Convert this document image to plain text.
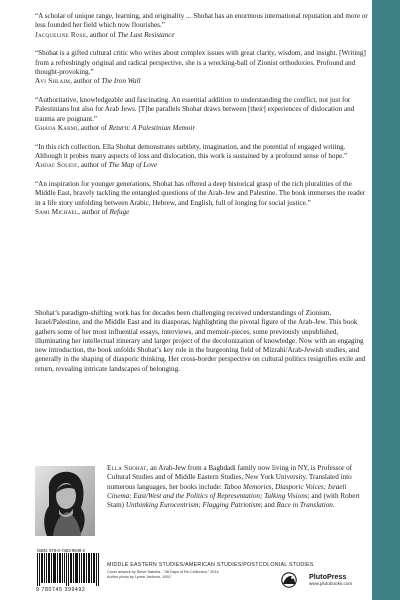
“A scholar of unique range, learning, and originality ... Shohat has an enormous international reputation and more or less founded her field which now flourishes.”
Jacqueline Rose, author of The Last Resistance
“Shohat is a gifted cultural critic who writes about complex issues with great clarity, wisdom, and insight. [Writing] from a refreshingly original and radical perspective, she is a wrecking-ball of Zionist orthodoxies. Profound and thought-provoking.”
Avi Shlaim, author of The Iron Wall
“Authoritative, knowledgeable and fascinating. An essential addition to understanding the conflict, not just for Palestinians but also for Arab Jews. [T]he parallels Shohat draws between [their] experiences of dislocation and trauma are poignant.”
Ghada Karmi, author of Return: A Palestinian Memoir
“In this rich collection, Ella Shohat demonstrates subtlety, imagination, and the potential of engaged writing. Although it probes many aspects of loss and dislocation, this work is sustained by a profound sense of hope.”
Ahdaf Soueif, author of The Map of Love
“An inspiration for younger generations, Shohat has offered a deep historical grasp of the rich pluralities of the Middle East, bravely tackling the entangled questions of the Arab-Jew and Palestine. The book immerses the reader in a life story unfolding between Arabic, Hebrew, and English, full of longing for social justice.”
Sami Michael, author of Refuge

Shohat’s paradigm-shifting work has for decades been challenging received understandings of Zionism, Israel/Palestine, and the Middle East and its diasporas, highlighting the pivotal figure of the Arab-Jew. This book gathers some of her most influential essays, interviews, and memoir-pieces, some previously unpublished, illuminating her intellectual itinerary and larger project of the decolonization of knowledge. Now with an engaging new introduction, the book unfolds Shohat’s key role in the burgeoning field of Mizrahi/Arab-Jewish studies, and generally in the shaping of diasporic thinking. Her cross-border perspective on cultural politics resignifies exile and return, revealing intricate landscapes of belonging.

Ella Shohat, an Arab-Jew from a Baghdadi family now living in NY, is Professor of Cultural Studies and of Middle Eastern Studies, New York University. Translated into numerous languages, her books include: Taboo Memories, Diasporic Voices; Israeli Cinema: East/West and the Politics of Representation; Talking Visions; and (with Robert Stam) Unthinking Eurocentrism; Flagging Patriotism; and Race in Translation.

ISBN: 978-0-7453-9949-2
9 780745 399492
MIDDLE EASTERN STUDIES/AMERICAN STUDIES/POSTCOLONIAL STUDIES
Cover artwork by Steve Sabella - “38 Days of Re-Collection,” 2014
Author photo by Lynne Jackson, 1992	PlutoPress
www.plutobooks.com
